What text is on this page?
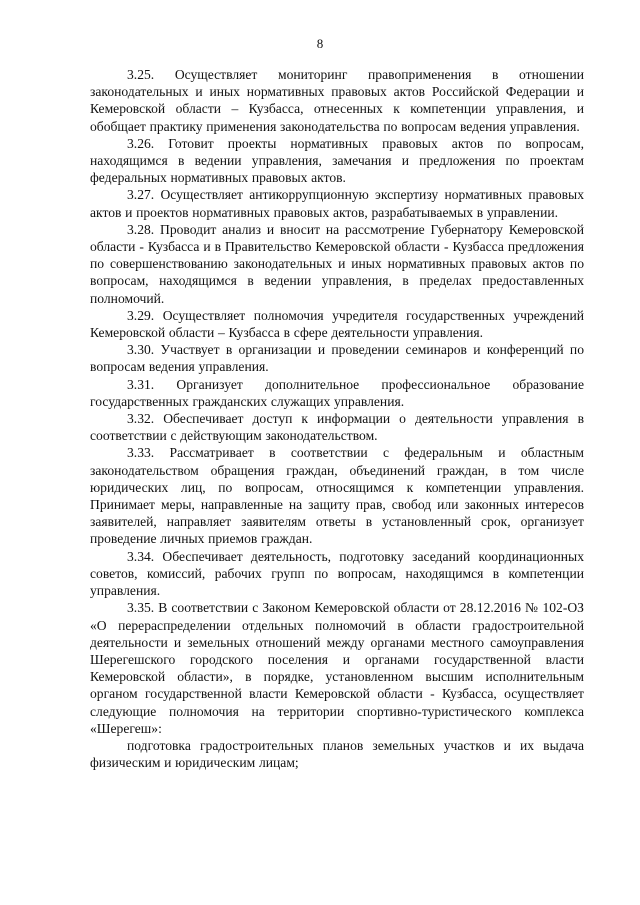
8

3.25. Осуществляет мониторинг правоприменения в отношении законодательных и иных нормативных правовых актов Российской Федерации и Кемеровской области – Кузбасса, отнесенных к компетенции управления, и обобщает практику применения законодательства по вопросам ведения управления.

3.26. Готовит проекты нормативных правовых актов по вопросам, находящимся в ведении управления, замечания и предложения по проектам федеральных нормативных правовых актов.

3.27. Осуществляет антикоррупционную экспертизу нормативных правовых актов и проектов нормативных правовых актов, разрабатываемых в управлении.

3.28. Проводит анализ и вносит на рассмотрение Губернатору Кемеровской области - Кузбасса и в Правительство Кемеровской области - Кузбасса предложения по совершенствованию законодательных и иных нормативных правовых актов по вопросам, находящимся в ведении управления, в пределах предоставленных полномочий.

3.29. Осуществляет полномочия учредителя государственных учреждений Кемеровской области – Кузбасса в сфере деятельности управления.

3.30. Участвует в организации и проведении семинаров и конференций по вопросам ведения управления.

3.31. Организует дополнительное профессиональное образование государственных гражданских служащих управления.

3.32. Обеспечивает доступ к информации о деятельности управления в соответствии с действующим законодательством.

3.33. Рассматривает в соответствии с федеральным и областным законодательством обращения граждан, объединений граждан, в том числе юридических лиц, по вопросам, относящимся к компетенции управления. Принимает меры, направленные на защиту прав, свобод или законных интересов заявителей, направляет заявителям ответы в установленный срок, организует проведение личных приемов граждан.

3.34. Обеспечивает деятельность, подготовку заседаний координационных советов, комиссий, рабочих групп по вопросам, находящимся в компетенции управления.

3.35. В соответствии с Законом Кемеровской области от 28.12.2016 № 102-ОЗ «О перераспределении отдельных полномочий в области градостроительной деятельности и земельных отношений между органами местного самоуправления Шерегешского городского поселения и органами государственной власти Кемеровской области», в порядке, установленном высшим исполнительным органом государственной власти Кемеровской области - Кузбасса, осуществляет следующие полномочия на территории спортивно-туристического комплекса «Шерегеш»:

подготовка градостроительных планов земельных участков и их выдача физическим и юридическим лицам;
